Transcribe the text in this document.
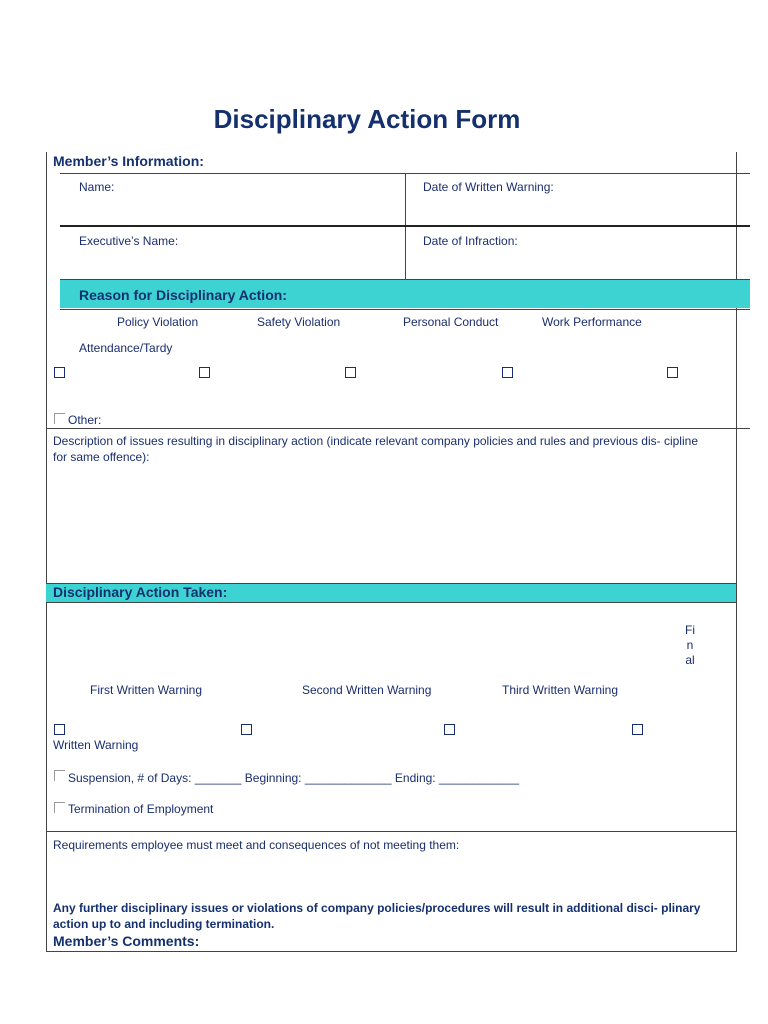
Disciplinary Action Form
Member’s Information:
Name:	Date of Written Warning:
Executive’s Name:	Date of Infraction:
Reason for Disciplinary Action:
Policy Violation	Safety Violation	Personal Conduct	Work Performance
Attendance/Tardy
Other:
Description of issues resulting in disciplinary action (indicate relevant company policies and rules and previous dis- cipline for same offence):
Disciplinary Action Taken:
Final
First Written Warning	Second Written Warning	Third Written Warning
Written Warning
Suspension, # of Days: _______ Beginning: _____________ Ending: ____________
Termination of Employment
Requirements employee must meet and consequences of not meeting them:
Any further disciplinary issues or violations of company policies/procedures will result in additional disci- plinary action up to and including termination.
Member’s Comments:
